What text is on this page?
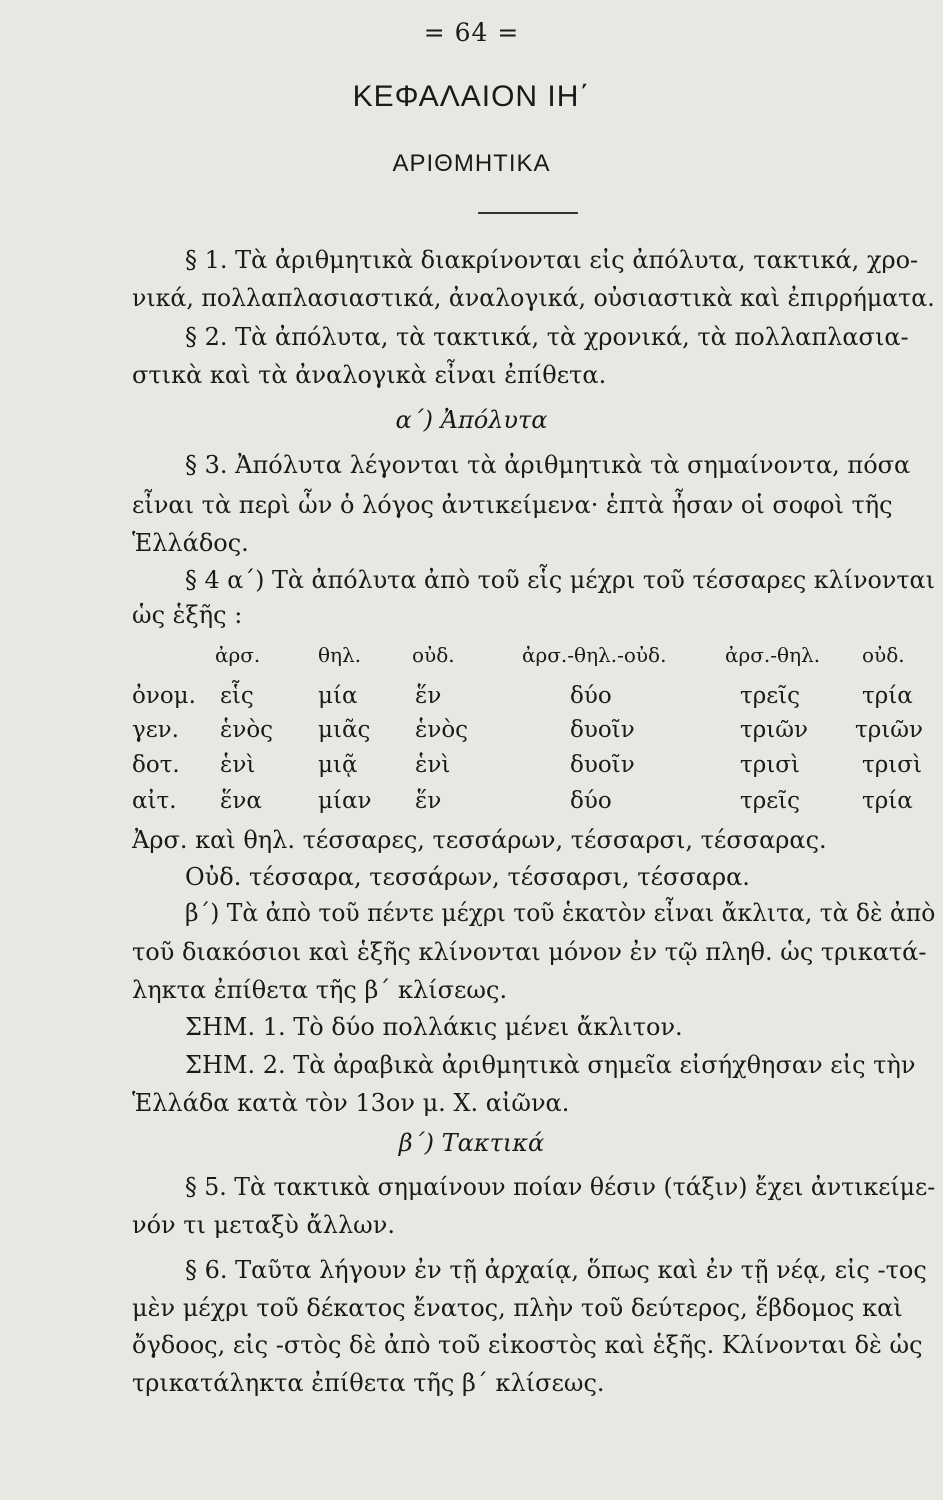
= 64 =
ΚΕΦΑΛΑΙΟΝ ΙΗ΄
ΑΡΙΘΜΗΤΙΚΑ
§ 1. Τὰ ἀριθμητικὰ διακρίνονται εἰς ἀπόλυτα, τακτικά, χρο-
νικά, πολλαπλασιαστικά, ἀναλογικά, οὐσιαστικὰ καὶ ἐπιρρήματα.
§ 2. Τὰ ἀπόλυτα, τὰ τακτικά, τὰ χρονικά, τὰ πολλαπλασια-
στικὰ καὶ τὰ ἀναλογικὰ εἶναι ἐπίθετα.
α΄) Ἀπόλυτα
§ 3. Ἀπόλυτα λέγονται τὰ ἀριθμητικὰ τὰ σημαίνοντα, πόσα
εἶναι τὰ περὶ ὧν ὁ λόγος ἀντικείμενα· ἑπτὰ ἦσαν οἱ σοφοὶ τῆς
Ἑλλάδος.
§ 4 α΄) Τὰ ἀπόλυτα ἀπὸ τοῦ εἷς μέχρι τοῦ τέσσαρες κλίνονται
ὡς ἑξῆς :
ἀρσ.	θηλ.	οὐδ.	ἀρσ.-θηλ.-οὐδ.	ἀρσ.-θηλ. οὐδ.
ὀνομ. εἷς	μία	ἕν	δύο	τρεῖς	τρία
γεν. ἑνὸς μιᾶς ἑνὸς	δυοῖν	τριῶν τριῶν
δοτ. ἑνὶ	μιᾷ	ἑνὶ	δυοῖν	τρισὶ	τρισὶ
αἰτ. ἕνα μίαν ἕν	δύο	τρεῖς	τρία
Ἀρσ. καὶ θηλ. τέσσαρες, τεσσάρων, τέσσαρσι, τέσσαρας.
Οὐδ. τέσσαρα, τεσσάρων, τέσσαρσι, τέσσαρα.
β΄) Τὰ ἀπὸ τοῦ πέντε μέχρι τοῦ ἑκατὸν εἶναι ἄκλιτα, τὰ δὲ ἀπὸ
τοῦ διακόσιοι καὶ ἑξῆς κλίνονται μόνον ἐν τῷ πληθ. ὡς τρικατά-
ληκτα ἐπίθετα τῆς β΄ κλίσεως.
ΣΗΜ. 1. Τὸ δύο πολλάκις μένει ἄκλιτον.
ΣΗΜ. 2. Τὰ ἀραβικὰ ἀριθμητικὰ σημεῖα εἰσήχθησαν εἰς τὴν
Ἑλλάδα κατὰ τὸν 13ον μ. Χ. αἰῶνα.
β΄) Τακτικά
§ 5. Τὰ τακτικὰ σημαίνουν ποίαν θέσιν (τάξιν) ἔχει ἀντικείμε-
νόν τι μεταξὺ ἄλλων.
§ 6. Ταῦτα λήγουν ἐν τῇ ἀρχαίᾳ, ὅπως καὶ ἐν τῇ νέᾳ, εἰς -τος
μὲν μέχρι τοῦ δέκατος ἔνατος, πλὴν τοῦ δεύτερος, ἕβδομος καὶ
ὄγδοος, εἰς -στὸς δὲ ἀπὸ τοῦ εἰκοστὸς καὶ ἑξῆς. Κλίνονται δὲ ὡς
τρικατάληκτα ἐπίθετα τῆς β΄ κλίσεως.
